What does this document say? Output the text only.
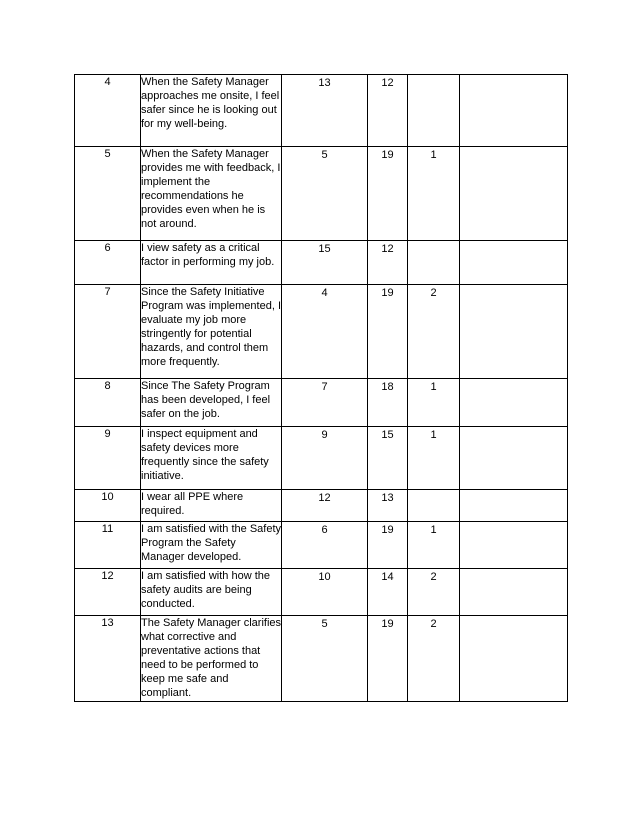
4	When the Safety Manager approaches me onsite, I feel safer since he is looking out for my well-being.	13	12		
5	When the Safety Manager provides me with feedback, I implement the recommendations he provides even when he is not around.	5	19	1	
6	I view safety as a critical factor in performing my job.	15	12		
7	Since the Safety Initiative Program was implemented, I evaluate my job more stringently for potential hazards, and control them more frequently.	4	19	2	
8	Since The Safety Program has been developed, I feel safer on the job.	7	18	1	
9	I inspect equipment and safety devices more frequently since the safety initiative.	9	15	1	
10	I wear all PPE where required.	12	13		
11	I am satisfied with the Safety Program the Safety Manager developed.	6	19	1	
12	I am satisfied with how the safety audits are being conducted.	10	14	2	
13	The Safety Manager clarifies what corrective and preventative actions that need to be performed to keep me safe and compliant.	5	19	2	
